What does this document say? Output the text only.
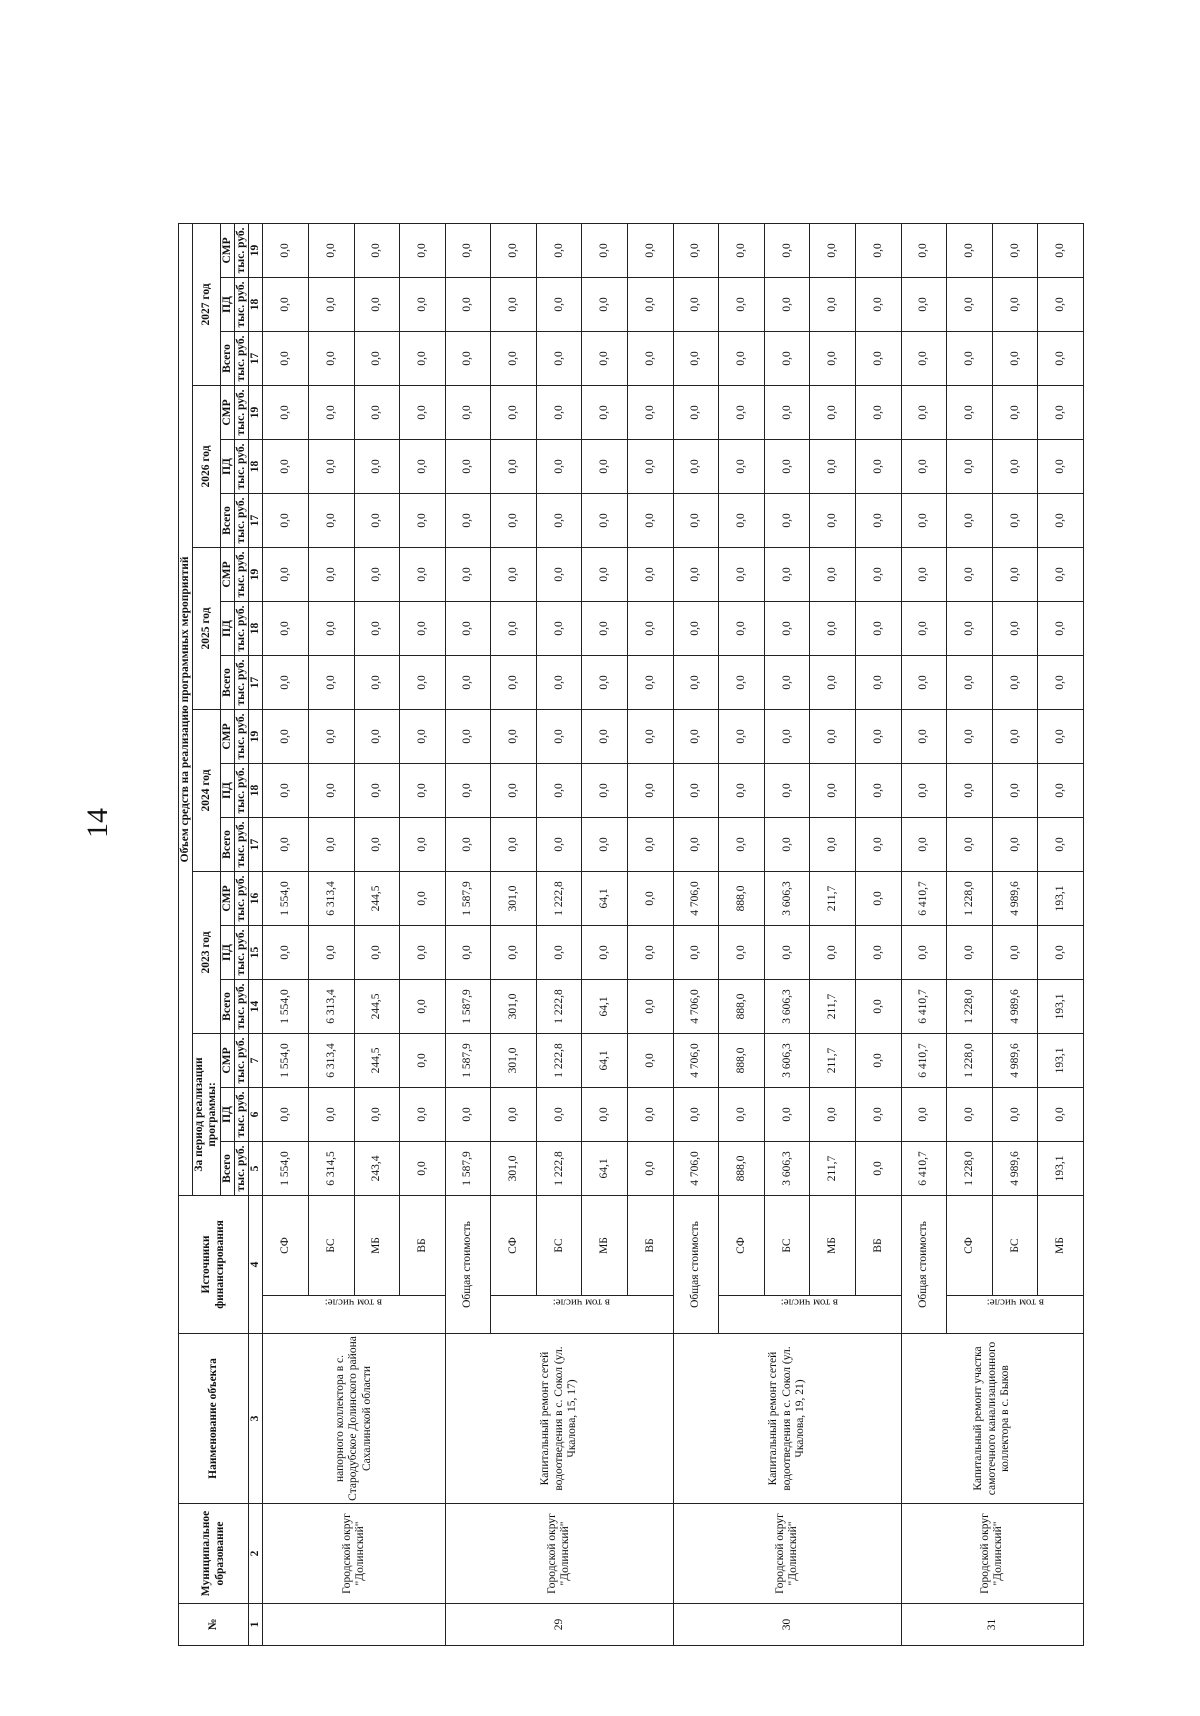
14
№	Муниципальное образование	Наименование объекта	Источники финансирования		Объем средств на реализацию программных мероприятий																	
					За период реализации программы:			2023 год			2024 год			2025 год			2026 год			2027 год		
					Всего	ПД	СМР	Всего	ПД	СМР	Всего	ПД	СМР	Всего	ПД	СМР	Всего	ПД	СМР	Всего	ПД	СМР
					тыс. руб.	тыс. руб.	тыс. руб.	тыс. руб.	тыс. руб.	тыс. руб.	тыс. руб.	тыс. руб.	тыс. руб.	тыс. руб.	тыс. руб.	тыс. руб.	тыс. руб.	тыс. руб.	тыс. руб.	тыс. руб.	тыс. руб.	тыс. руб.
1	2	3	4		5	6	7	14	15	16	17	18	19	17	18	19	17	18	19	17	18	19
	Городской округ "Долинский"	напорного коллектора в с. Стародубское Долинского района Сахалинской области	в том числе:	СФ	1 554,0	0,0	1 554,0	1 554,0	0,0	1 554,0	0,0	0,0	0,0	0,0	0,0	0,0	0,0	0,0	0,0	0,0	0,0	0,0
				БС	6 314,5	0,0	6 313,4	6 313,4	0,0	6 313,4	0,0	0,0	0,0	0,0	0,0	0,0	0,0	0,0	0,0	0,0	0,0	0,0
				МБ	243,4	0,0	244,5	244,5	0,0	244,5	0,0	0,0	0,0	0,0	0,0	0,0	0,0	0,0	0,0	0,0	0,0	0,0
				ВБ	0,0	0,0	0,0	0,0	0,0	0,0	0,0	0,0	0,0	0,0	0,0	0,0	0,0	0,0	0,0	0,0	0,0	0,0
29	Городской округ "Долинский"	Капитальный ремонт сетей водоотведения в с. Сокол (ул. Чкалова, 15, 17)	Общая стоимость		1 587,9	0,0	1 587,9	1 587,9	0,0	1 587,9	0,0	0,0	0,0	0,0	0,0	0,0	0,0	0,0	0,0	0,0	0,0	0,0
			в том числе:	СФ	301,0	0,0	301,0	301,0	0,0	301,0	0,0	0,0	0,0	0,0	0,0	0,0	0,0	0,0	0,0	0,0	0,0	0,0
				БС	1 222,8	0,0	1 222,8	1 222,8	0,0	1 222,8	0,0	0,0	0,0	0,0	0,0	0,0	0,0	0,0	0,0	0,0	0,0	0,0
				МБ	64,1	0,0	64,1	64,1	0,0	64,1	0,0	0,0	0,0	0,0	0,0	0,0	0,0	0,0	0,0	0,0	0,0	0,0
				ВБ	0,0	0,0	0,0	0,0	0,0	0,0	0,0	0,0	0,0	0,0	0,0	0,0	0,0	0,0	0,0	0,0	0,0	0,0
30	Городской округ "Долинский"	Капитальный ремонт сетей водоотведения в с. Сокол (ул. Чкалова, 19, 21)	Общая стоимость		4 706,0	0,0	4 706,0	4 706,0	0,0	4 706,0	0,0	0,0	0,0	0,0	0,0	0,0	0,0	0,0	0,0	0,0	0,0	0,0
			в том числе:	СФ	888,0	0,0	888,0	888,0	0,0	888,0	0,0	0,0	0,0	0,0	0,0	0,0	0,0	0,0	0,0	0,0	0,0	0,0
				БС	3 606,3	0,0	3 606,3	3 606,3	0,0	3 606,3	0,0	0,0	0,0	0,0	0,0	0,0	0,0	0,0	0,0	0,0	0,0	0,0
				МБ	211,7	0,0	211,7	211,7	0,0	211,7	0,0	0,0	0,0	0,0	0,0	0,0	0,0	0,0	0,0	0,0	0,0	0,0
				ВБ	0,0	0,0	0,0	0,0	0,0	0,0	0,0	0,0	0,0	0,0	0,0	0,0	0,0	0,0	0,0	0,0	0,0	0,0
31	Городской округ "Долинский"	Капитальный ремонт участка самотечного канализационного коллектора в с. Быков	Общая стоимость		6 410,7	0,0	6 410,7	6 410,7	0,0	6 410,7	0,0	0,0	0,0	0,0	0,0	0,0	0,0	0,0	0,0	0,0	0,0	0,0
			в том числе:	СФ	1 228,0	0,0	1 228,0	1 228,0	0,0	1 228,0	0,0	0,0	0,0	0,0	0,0	0,0	0,0	0,0	0,0	0,0	0,0	0,0
				БС	4 989,6	0,0	4 989,6	4 989,6	0,0	4 989,6	0,0	0,0	0,0	0,0	0,0	0,0	0,0	0,0	0,0	0,0	0,0	0,0
				МБ	193,1	0,0	193,1	193,1	0,0	193,1	0,0	0,0	0,0	0,0	0,0	0,0	0,0	0,0	0,0	0,0	0,0	0,0
